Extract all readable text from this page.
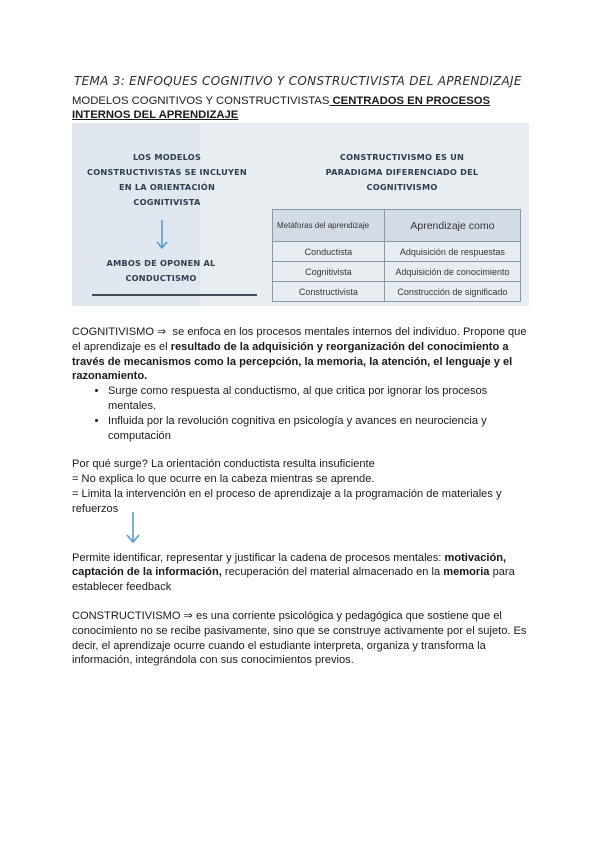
TEMA 3: ENFOQUES COGNITIVO Y CONSTRUCTIVISTA DEL APRENDIZAJE
MODELOS COGNITIVOS Y CONSTRUCTIVISTAS CENTRADOS EN PROCESOS INTERNOS DEL APRENDIZAJE
LOS MODELOS
CONSTRUCTIVISTAS SE INCLUYEN
EN LA ORIENTACIÓN
COGNITIVISTA
AMBOS DE OPONEN AL
CONDUCTISMO
CONSTRUCTIVISMO ES UN
PARADIGMA DIFERENCIADO DEL
COGNITIVISMO
Metáforas del aprendizaje	Aprendizaje como
Conductista	Adquisición de respuestas
Cognitivista	Adquisición de conocimiento
Constructivista	Construcción de significado

COGNITIVISMO ⇒ se enfoca en los procesos mentales internos del individuo. Propone que el aprendizaje es el resultado de la adquisición y reorganización del conocimiento a través de mecanismos como la percepción, la memoria, la atención, el lenguaje y el razonamiento.

• Surge como respuesta al conductismo, al que critica por ignorar los procesos mentales.
• Influida por la revolución cognitiva en psicología y avances en neurociencia y computación

Por qué surge? La orientación conductista resulta insuficiente

= No explica lo que ocurre en la cabeza mientras se aprende.

= Limita la intervención en el proceso de aprendizaje a la programación de materiales y refuerzos

Permite identificar, representar y justificar la cadena de procesos mentales: motivación, captación de la información, recuperación del material almacenado en la memoria para establecer feedback

CONSTRUCTIVISMO ⇒ es una corriente psicológica y pedagógica que sostiene que el conocimiento no se recibe pasivamente, sino que se construye activamente por el sujeto. Es decir, el aprendizaje ocurre cuando el estudiante interpreta, organiza y transforma la información, integrándola con sus conocimientos previos.
